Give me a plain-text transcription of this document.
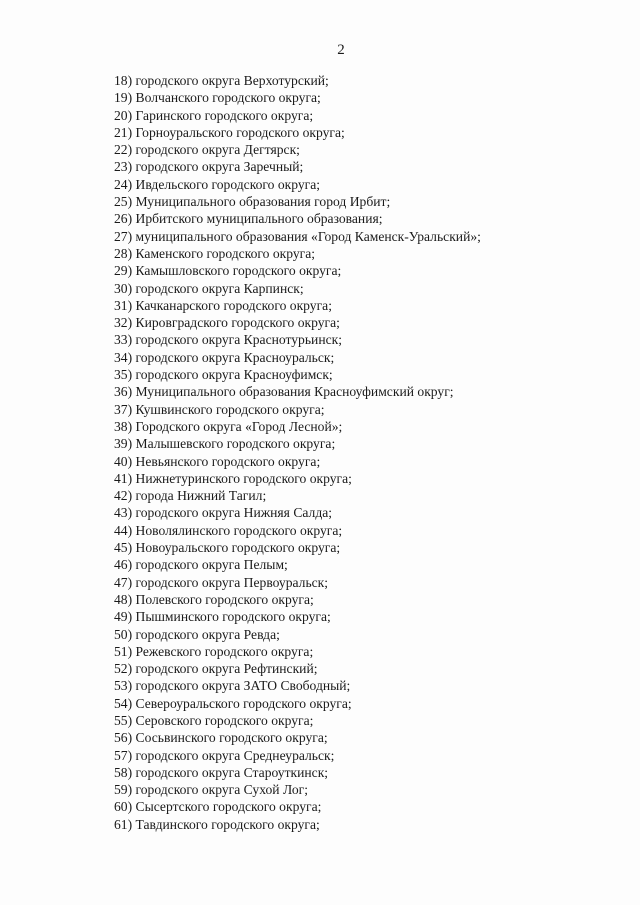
2
18) городского округа Верхотурский;
19) Волчанского городского округа;
20) Гаринского городского округа;
21) Горноуральского городского округа;
22) городского округа Дегтярск;
23) городского округа Заречный;
24) Ивдельского городского округа;
25) Муниципального образования город Ирбит;
26) Ирбитского муниципального образования;
27) муниципального образования «Город Каменск-Уральский»;
28) Каменского городского округа;
29) Камышловского городского округа;
30) городского округа Карпинск;
31) Качканарского городского округа;
32) Кировградского городского округа;
33) городского округа Краснотурьинск;
34) городского округа Красноуральск;
35) городского округа Красноуфимск;
36) Муниципального образования Красноуфимский округ;
37) Кушвинского городского округа;
38) Городского округа «Город Лесной»;
39) Малышевского городского округа;
40) Невьянского городского округа;
41) Нижнетуринского городского округа;
42) города Нижний Тагил;
43) городского округа Нижняя Салда;
44) Новолялинского городского округа;
45) Новоуральского городского округа;
46) городского округа Пелым;
47) городского округа Первоуральск;
48) Полевского городского округа;
49) Пышминского городского округа;
50) городского округа Ревда;
51) Режевского городского округа;
52) городского округа Рефтинский;
53) городского округа ЗАТО Свободный;
54) Североуральского городского округа;
55) Серовского городского округа;
56) Сосьвинского городского округа;
57) городского округа Среднеуральск;
58) городского округа Староуткинск;
59) городского округа Сухой Лог;
60) Сысертского городского округа;
61) Тавдинского городского округа;
